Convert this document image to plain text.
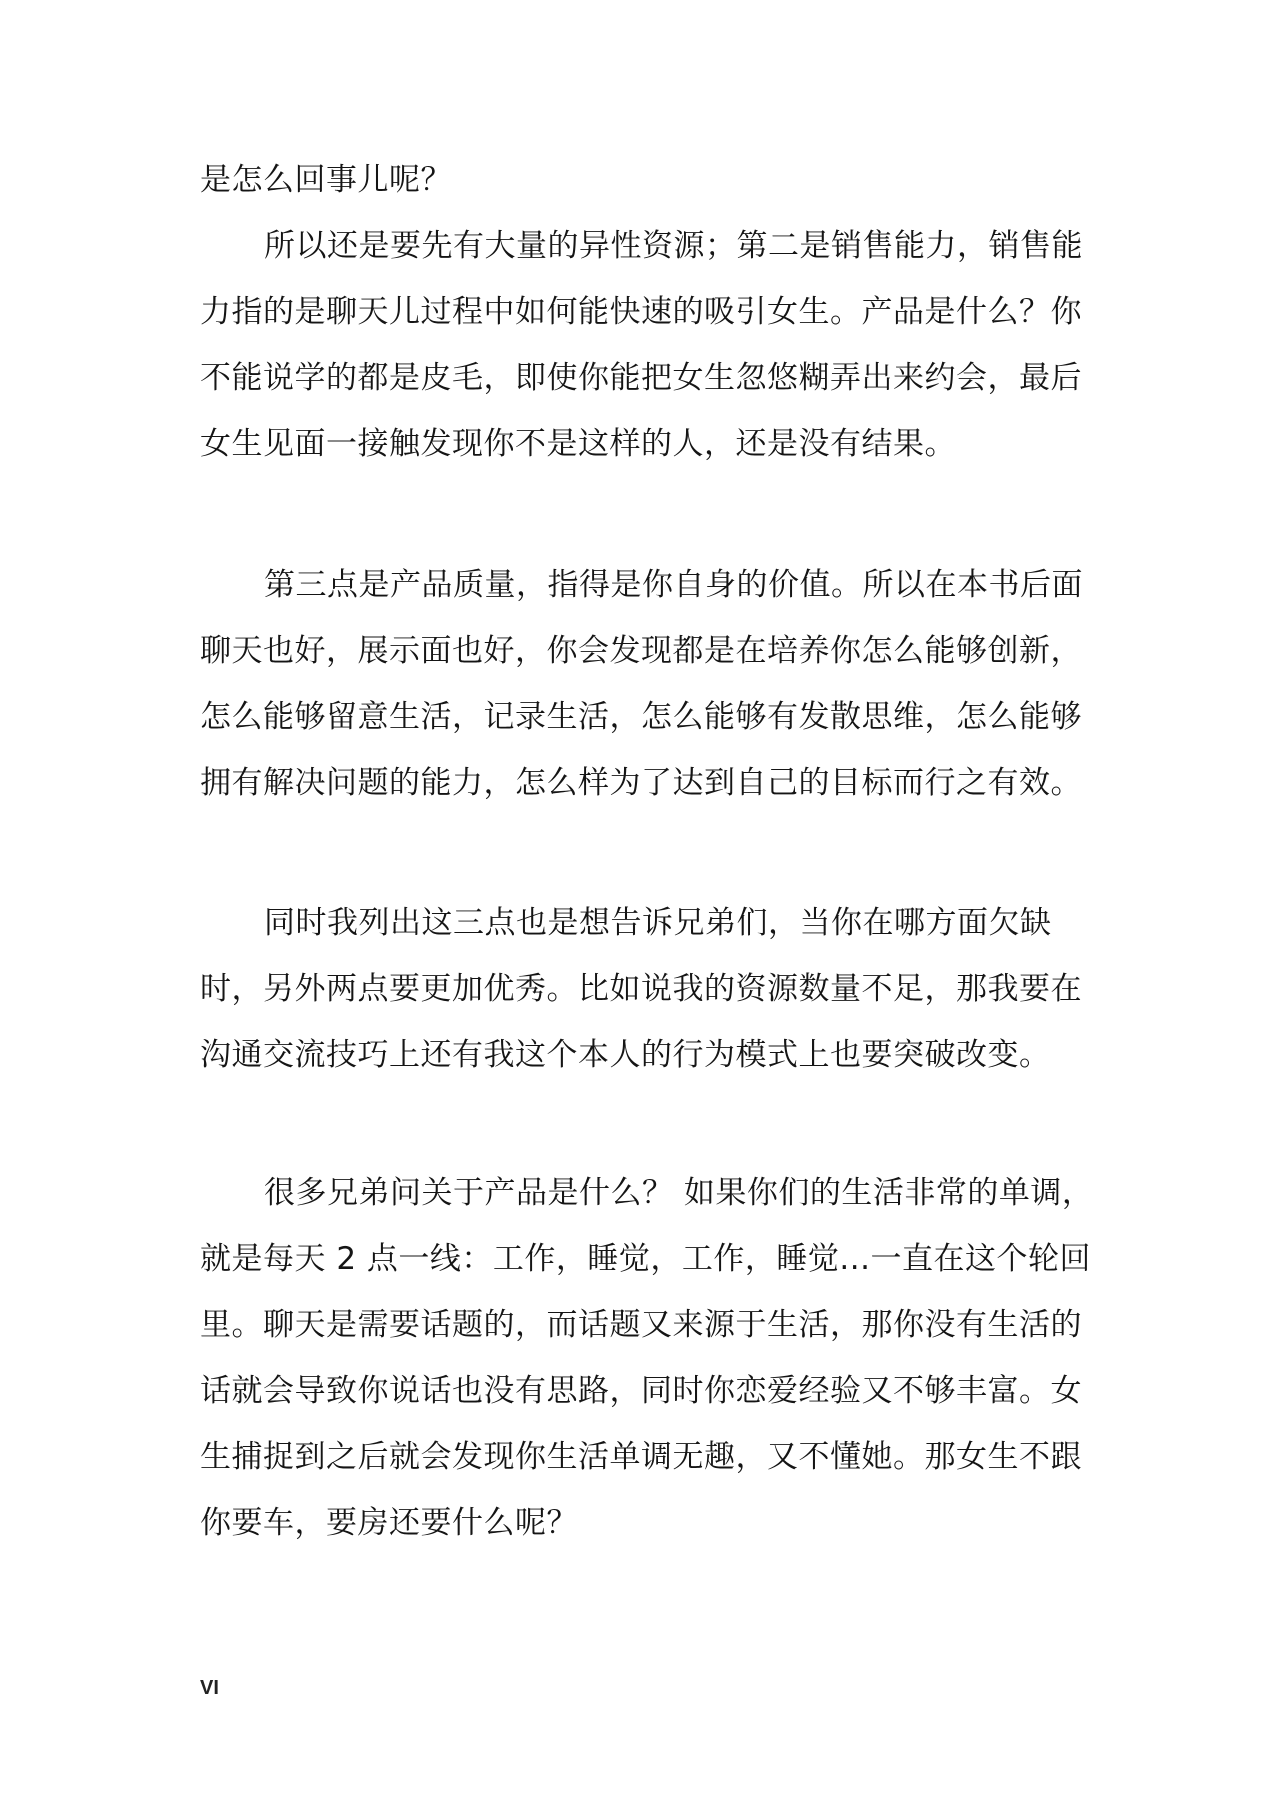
是怎么回事儿呢？

所以还是要先有大量的异性资源；第二是销售能力，销售能力指的是聊天儿过程中如何能快速的吸引女生。产品是什么？你不能说学的都是皮毛，即使你能把女生忽悠糊弄出来约会，最后女生见面一接触发现你不是这样的人，还是没有结果。

第三点是产品质量，指得是你自身的价值。所以在本书后面聊天也好，展示面也好，你会发现都是在培养你怎么能够创新，怎么能够留意生活，记录生活，怎么能够有发散思维，怎么能够拥有解决问题的能力，怎么样为了达到自己的目标而行之有效。

同时我列出这三点也是想告诉兄弟们，当你在哪方面欠缺时，另外两点要更加优秀。比如说我的资源数量不足，那我要在沟通交流技巧上还有我这个本人的行为模式上也要突破改变。

很多兄弟问关于产品是什么？ 如果你们的生活非常的单调，就是每天 2 点一线：工作，睡觉，工作，睡觉...一直在这个轮回里。聊天是需要话题的，而话题又来源于生活，那你没有生活的话就会导致你说话也没有思路，同时你恋爱经验又不够丰富。女生捕捉到之后就会发现你生活单调无趣，又不懂她。那女生不跟你要车，要房还要什么呢？

VI
